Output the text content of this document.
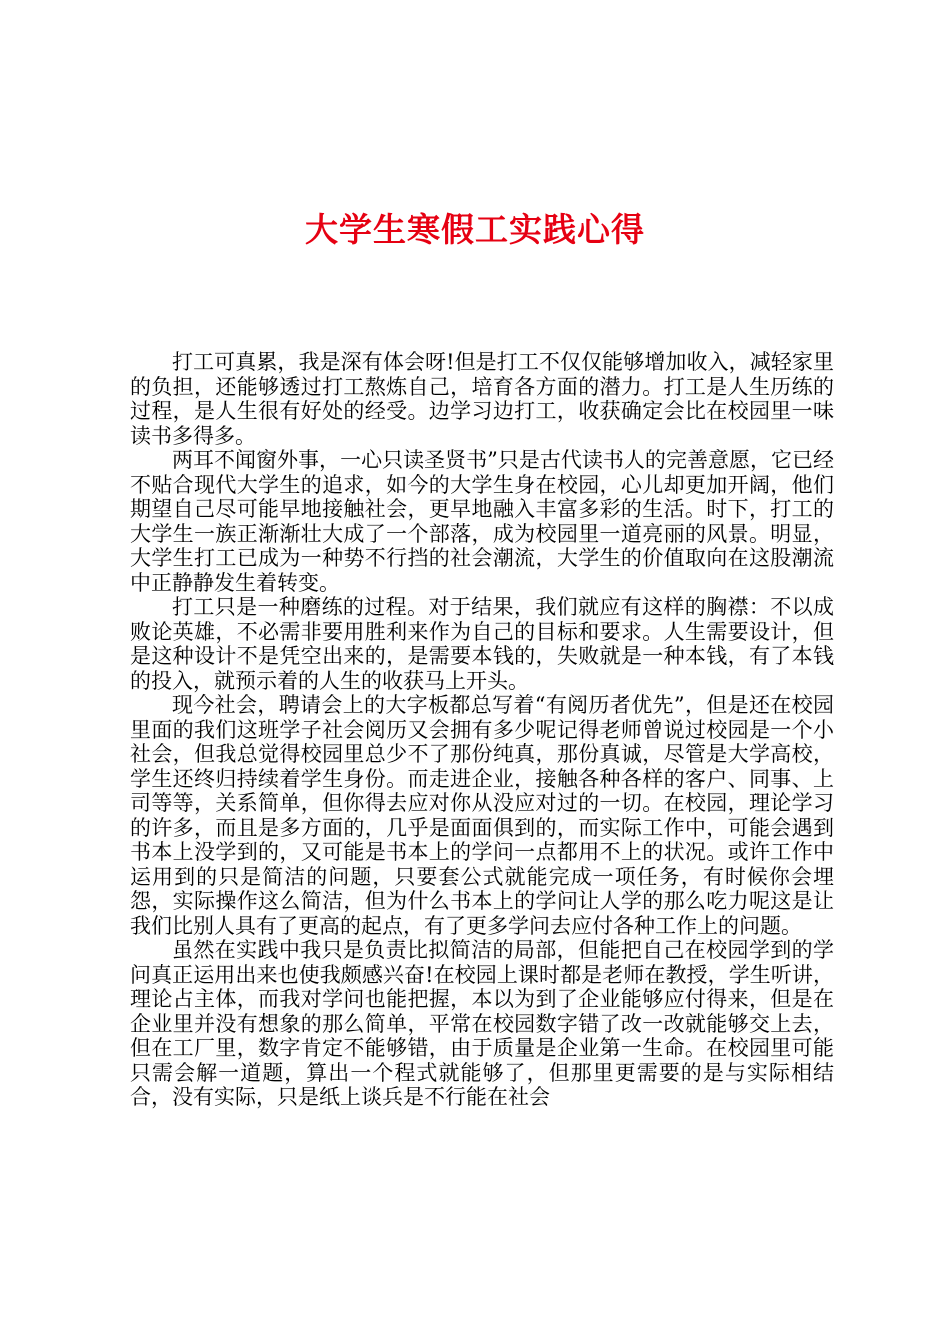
大学生寒假工实践心得

打工可真累，我是深有体会呀!但是打工不仅仅能够增加收入，减轻家里的负担，还能够透过打工熬炼自己，培育各方面的潜力。打工是人生历练的过程，是人生很有好处的经受。边学习边打工，收获确定会比在校园里一味读书多得多。

两耳不闻窗外事，一心只读圣贤书”只是古代读书人的完善意愿，它已经不贴合现代大学生的追求，如今的大学生身在校园，心儿却更加开阔，他们期望自己尽可能早地接触社会，更早地融入丰富多彩的生活。时下，打工的大学生一族正渐渐壮大成了一个部落，成为校园里一道亮丽的风景。明显，大学生打工已成为一种势不行挡的社会潮流，大学生的价值取向在这股潮流中正静静发生着转变。

打工只是一种磨练的过程。对于结果，我们就应有这样的胸襟：不以成败论英雄，不必需非要用胜利来作为自己的目标和要求。人生需要设计，但是这种设计不是凭空出来的，是需要本钱的，失败就是一种本钱，有了本钱的投入，就预示着的人生的收获马上开头。

现今社会，聘请会上的大字板都总写着“有阅历者优先”，但是还在校园里面的我们这班学子社会阅历又会拥有多少呢记得老师曾说过校园是一个小社会，但我总觉得校园里总少不了那份纯真，那份真诚，尽管是大学高校，学生还终归持续着学生身份。而走进企业，接触各种各样的客户、同事、上司等等，关系简单，但你得去应对你从没应对过的一切。在校园，理论学习的许多，而且是多方面的，几乎是面面俱到的，而实际工作中，可能会遇到书本上没学到的，又可能是书本上的学问一点都用不上的状况。或许工作中运用到的只是简洁的问题，只要套公式就能完成一项任务，有时候你会埋怨，实际操作这么简洁，但为什么书本上的学问让人学的那么吃力呢这是让我们比别人具有了更高的起点，有了更多学问去应付各种工作上的问题。

虽然在实践中我只是负责比拟简洁的局部，但能把自己在校园学到的学问真正运用出来也使我颇感兴奋!在校园上课时都是老师在教授，学生听讲，理论占主体，而我对学问也能把握，本以为到了企业能够应付得来，但是在企业里并没有想象的那么简单，平常在校园数字错了改一改就能够交上去，但在工厂里，数字肯定不能够错，由于质量是企业第一生命。在校园里可能只需会解一道题，算出一个程式就能够了，但那里更需要的是与实际相结合，没有实际，只是纸上谈兵是不行能在社会
